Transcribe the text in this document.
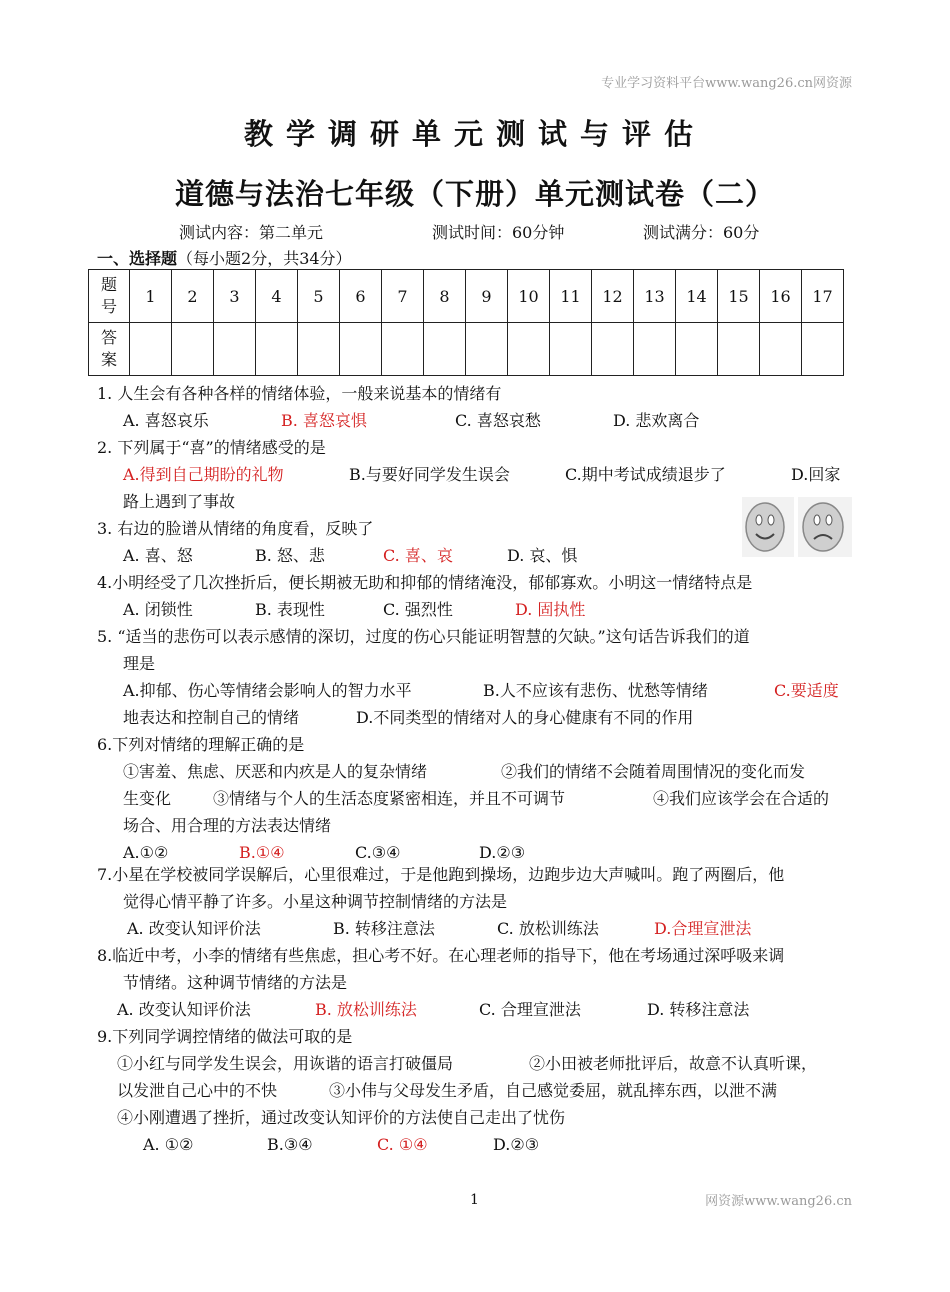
专业学习资料平台www.wang26.cn网资源
教学调研单元测试与评估
道德与法治七年级（下册）单元测试卷（二）
测试内容：第二单元	测试时间：60分钟	测试满分：60分
一、选择题（每小题2分，共34分）
题号	1	2	3	4	5	6	7	8	9	10	11	12	13	14	15	16	17
答案																	
1. 人生会有各种各样的情绪体验，一般来说基本的情绪有
A. 喜怒哀乐	B. 喜怒哀惧	C. 喜怒哀愁	D. 悲欢离合
2. 下列属于“喜”的情绪感受的是
A.得到自己期盼的礼物	B.与要好同学发生误会	C.期中考试成绩退步了	D.回家
路上遇到了事故
3. 右边的脸谱从情绪的角度看，反映了
A. 喜、怒	B. 怒、悲	C. 喜、哀	D. 哀、惧
4.小明经受了几次挫折后，便长期被无助和抑郁的情绪淹没，郁郁寡欢。小明这一情绪特点是
A. 闭锁性	B. 表现性	C. 强烈性	D. 固执性
5. “适当的悲伤可以表示感情的深切，过度的伤心只能证明智慧的欠缺。”这句话告诉我们的道
理是
A.抑郁、伤心等情绪会影响人的智力水平	B.人不应该有悲伤、忧愁等情绪	C.要适度
地表达和控制自己的情绪	D.不同类型的情绪对人的身心健康有不同的作用
6.下列对情绪的理解正确的是
①害羞、焦虑、厌恶和内疚是人的复杂情绪	②我们的情绪不会随着周围情况的变化而发
生变化	③情绪与个人的生活态度紧密相连，并且不可调节	④我们应该学会在合适的
场合、用合理的方法表达情绪
A.①②	B.①④	C.③④	D.②③
7.小星在学校被同学误解后，心里很难过，于是他跑到操场，边跑步边大声喊叫。跑了两圈后，他
觉得心情平静了许多。小星这种调节控制情绪的方法是
A. 改变认知评价法	B. 转移注意法	C. 放松训练法	D.合理宣泄法
8.临近中考，小李的情绪有些焦虑，担心考不好。在心理老师的指导下，他在考场通过深呼吸来调
节情绪。这种调节情绪的方法是
A. 改变认知评价法	B. 放松训练法	C. 合理宣泄法	D. 转移注意法
9.下列同学调控情绪的做法可取的是
①小红与同学发生误会，用诙谐的语言打破僵局	②小田被老师批评后，故意不认真听课，
以发泄自己心中的不快	③小伟与父母发生矛盾，自己感觉委屈，就乱摔东西，以泄不满
④小刚遭遇了挫折，通过改变认知评价的方法使自己走出了忧伤
A. ①②	B.③④	C. ①④	D.②③
1	网资源www.wang26.cn
